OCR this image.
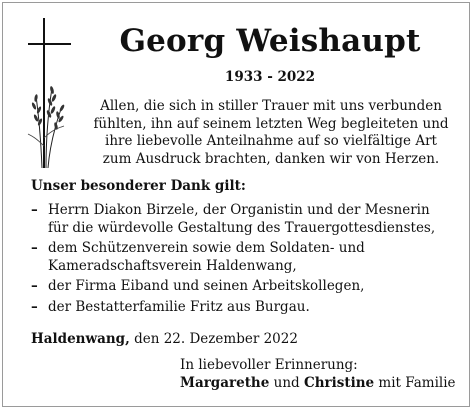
Georg Weishaupt
1933 - 2022
Allen, die sich in stiller Trauer mit uns verbunden
fühlten, ihn auf seinem letzten Weg begleiteten und
ihre liebevolle Anteilnahme auf so vielfältige Art
zum Ausdruck brachten, danken wir von Herzen.
Unser besonderer Dank gilt:
– Herrn Diakon Birzele, der Organistin und der Mesnerin
für die würdevolle Gestaltung des Trauergottesdienstes,
– dem Schützenverein sowie dem Soldaten- und
Kameradschaftsverein Haldenwang,
– der Firma Eiband und seinen Arbeitskollegen,
– der Bestatterfamilie Fritz aus Burgau.
Haldenwang, den 22. Dezember 2022
In liebevoller Erinnerung:
Margarethe und Christine mit Familie
